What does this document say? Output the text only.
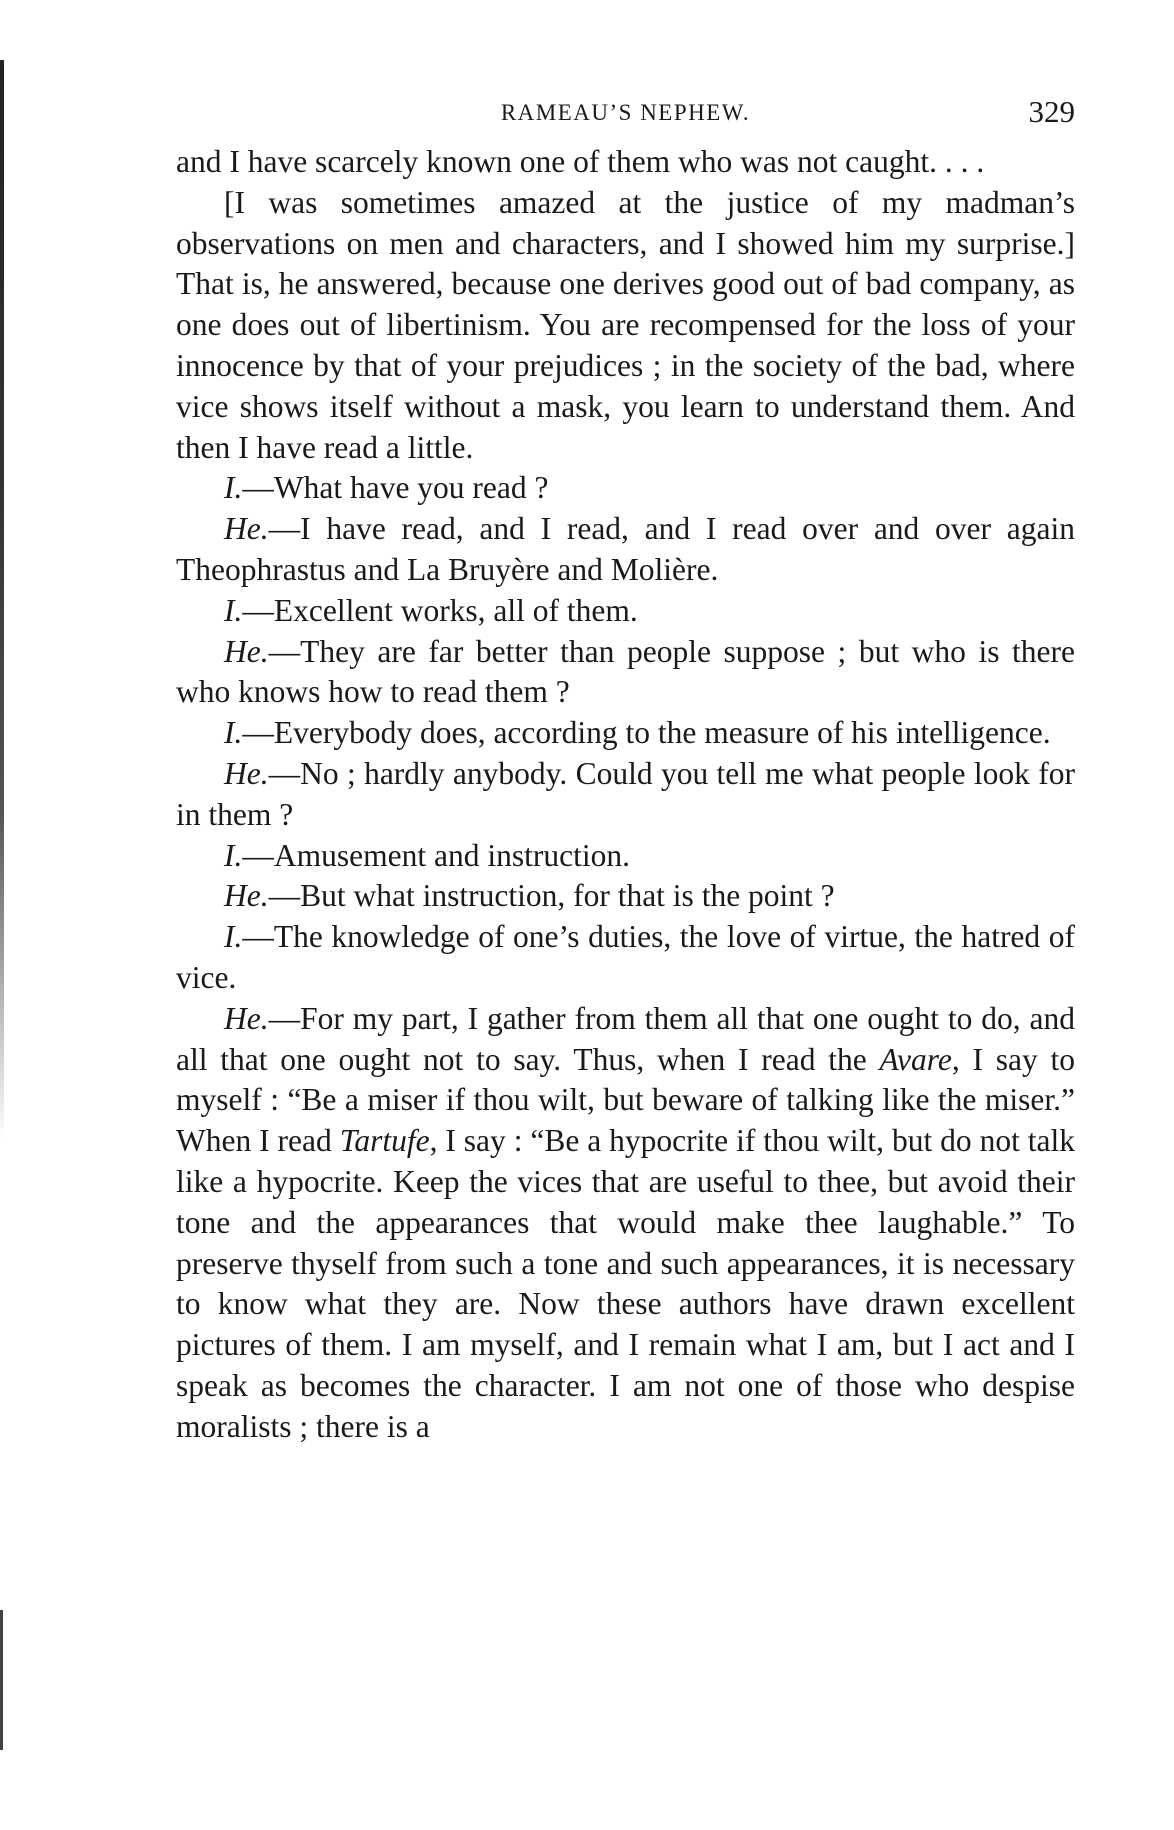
RAMEAU’S NEPHEW.	329

and I have scarcely known one of them who was not caught. . . .

[I was sometimes amazed at the justice of my madman’s observations on men and characters, and I showed him my surprise.] That is, he answered, because one derives good out of bad company, as one does out of libertinism. You are recompensed for the loss of your innocence by that of your prejudices ; in the society of the bad, where vice shows itself without a mask, you learn to understand them. And then I have read a little.

I.—What have you read ?

He.—I have read, and I read, and I read over and over again Theophrastus and La Bruyère and Molière.

I.—Excellent works, all of them.

He.—They are far better than people suppose ; but who is there who knows how to read them ?

I.—Everybody does, according to the measure of his intelligence.

He.—No ; hardly anybody. Could you tell me what people look for in them ?

I.—Amusement and instruction.

He.—But what instruction, for that is the point ?

I.—The knowledge of one’s duties, the love of virtue, the hatred of vice.

He.—For my part, I gather from them all that one ought to do, and all that one ought not to say. Thus, when I read the Avare, I say to myself : “Be a miser if thou wilt, but beware of talking like the miser.” When I read Tartufe, I say : “Be a hypocrite if thou wilt, but do not talk like a hypocrite. Keep the vices that are useful to thee, but avoid their tone and the appearances that would make thee laughable.” To preserve thyself from such a tone and such appearances, it is necessary to know what they are. Now these authors have drawn excellent pictures of them. I am myself, and I remain what I am, but I act and I speak as becomes the character. I am not one of those who despise moralists ; there is a
